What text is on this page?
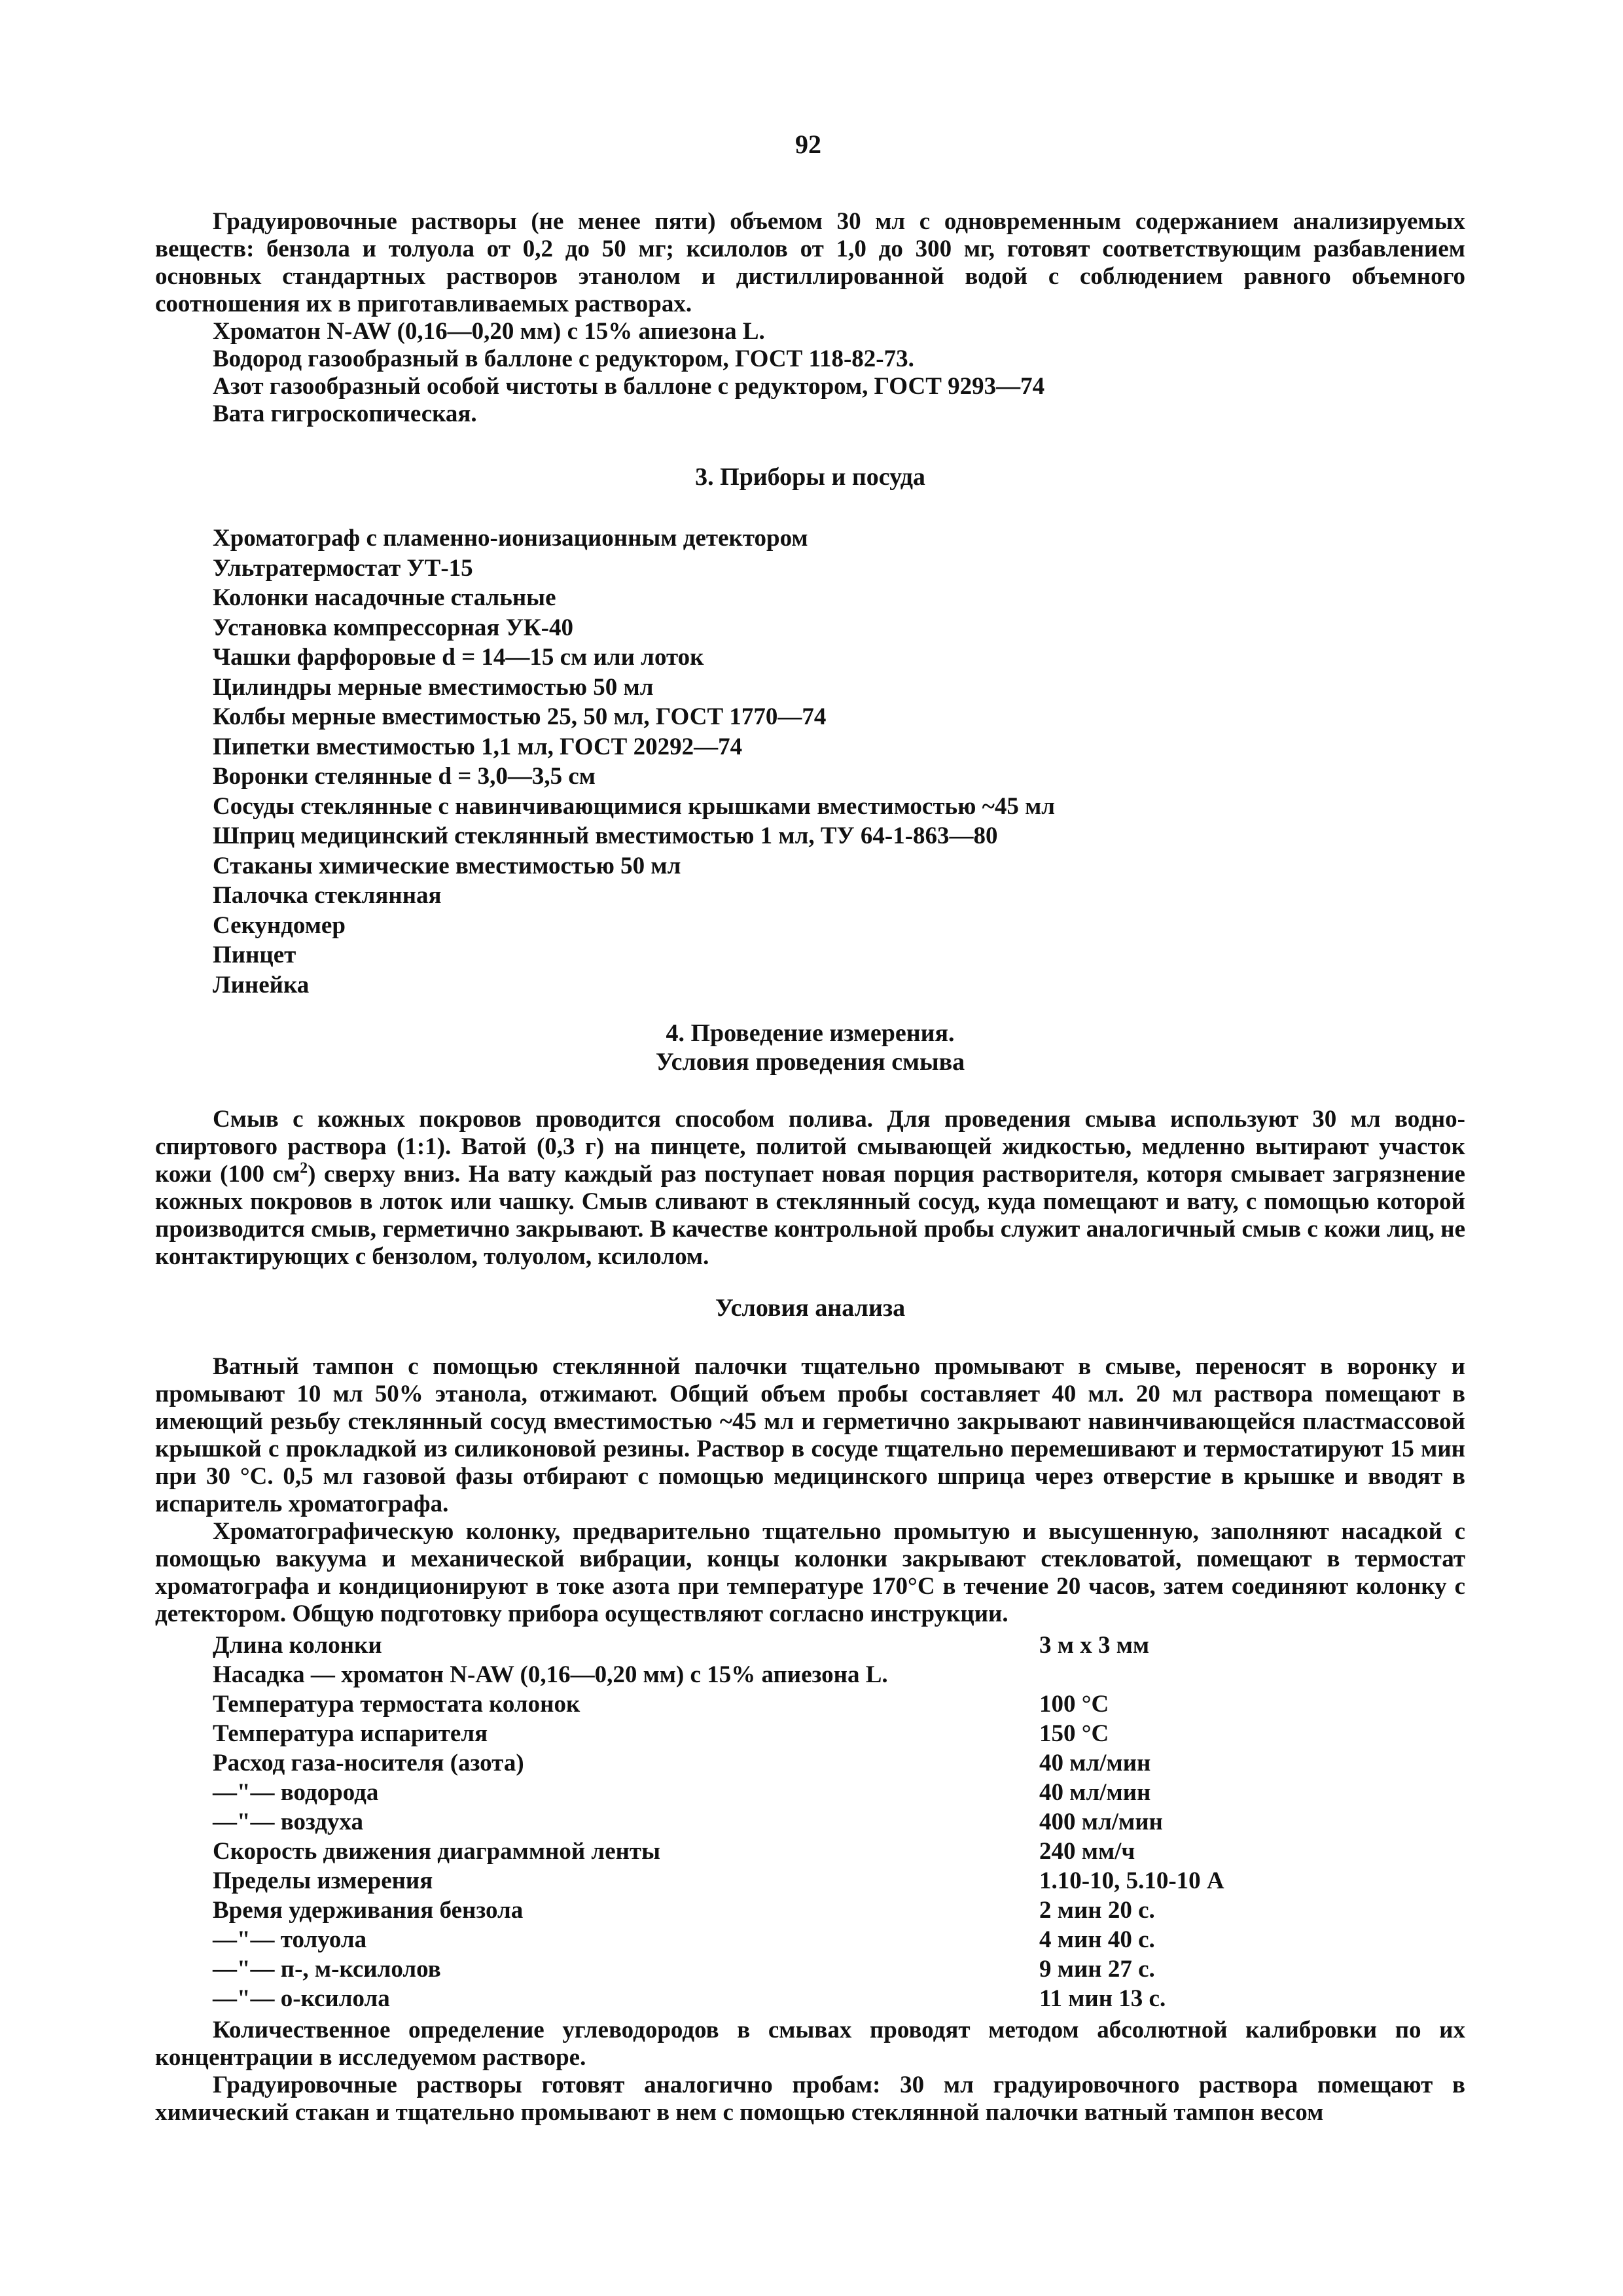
92

Градуировочные растворы (не менее пяти) объемом 30 мл с одновременным содержанием анализируемых веществ: бензола и толуола от 0,2 до 50 мг; ксилолов от 1,0 до 300 мг, готовят соответствующим разбавлением основных стандартных растворов этанолом и дистиллированной водой с соблюдением равного объемного соотношения их в приготавливаемых растворах.

Хроматон N-AW (0,16—0,20 мм) с 15% апиезона L.

Водород газообразный в баллоне с редуктором, ГОСТ 118-82-73.

Азот газообразный особой чистоты в баллоне с редуктором, ГОСТ 9293—74

Вата гигроскопическая.

3. Приборы и посуда

Хроматограф с пламенно-ионизационным детектором

Ультратермостат УТ-15

Колонки насадочные стальные

Установка компрессорная УК-40

Чашки фарфоровые d = 14—15 см или лоток

Цилиндры мерные вместимостью 50 мл

Колбы мерные вместимостью 25, 50 мл, ГОСТ 1770—74

Пипетки вместимостью 1,1 мл, ГОСТ 20292—74

Воронки стелянные d = 3,0—3,5 см

Сосуды стеклянные с навинчивающимися крышками вместимостью ~45 мл

Шприц медицинский стеклянный вместимостью 1 мл, ТУ 64-1-863—80

Стаканы химические вместимостью 50 мл

Палочка стеклянная

Секундомер

Пинцет

Линейка

4. Проведение измерения.
Условия проведения смыва

Смыв с кожных покровов проводится способом полива. Для проведения смыва используют 30 мл водно-спиртового раствора (1:1). Ватой (0,3 г) на пинцете, политой смывающей жидкостью, медленно вытирают участок кожи (100 $см^2$) сверху вниз. На вату каждый раз поступает новая порция растворителя, которя смывает загрязнение кожных покровов в лоток или чашку. Смыв сливают в стеклянный сосуд, куда помещают и вату, с помощью которой производится смыв, герметично закрывают. В качестве контрольной пробы служит аналогичный смыв с кожи лиц, не контактирующих с бензолом, толуолом, ксилолом.

Условия анализа

Ватный тампон с помощью стеклянной палочки тщательно промывают в смыве, переносят в воронку и промывают 10 мл 50% этанола, отжимают. Общий объем пробы составляет 40 мл. 20 мл раствора помещают в имеющий резьбу стеклянный сосуд вместимостью ~45 мл и герметично закрывают навинчивающейся пластмассовой крышкой с прокладкой из силиконовой резины. Раствор в сосуде тщательно перемешивают и термостатируют 15 мин при 30 °С. 0,5 мл газовой фазы отбирают с помощью медицинского шприца через отверстие в крышке и вводят в испаритель хроматографа.

Хроматографическую колонку, предварительно тщательно промытую и высушенную, заполняют насадкой с помощью вакуума и механической вибрации, концы колонки закрывают стекловатой, помещают в термостат хроматографа и кондиционируют в токе азота при температуре 170°С в течение 20 часов, затем соединяют колонку с детектором. Общую подготовку прибора осуществляют согласно инструкции.

Длина колонки	3 м х 3 мм
Насадка — хроматон N-AW (0,16—0,20 мм) с 15% апиезона L.
Температура термостата колонок	100 °С
Температура испарителя	150 °С
Расход газа-носителя (азота)	40 мл/мин
—"— водорода	40 мл/мин
—"— воздуха	400 мл/мин
Скорость движения диаграммной ленты	240 мм/ч
Пределы измерения	1.10-10, 5.10-10 А
Время удерживания бензола	2 мин 20 с.
—"— толуола	4 мин 40 с.
—"— п-, м-ксилолов	9 мин 27 с.
—"— о-ксилола	11 мин 13 с.

Количественное определение углеводородов в смывах проводят методом абсолютной калибровки по их концентрации в исследуемом растворе.

Градуировочные растворы готовят аналогично пробам: 30 мл градуировочного раствора помещают в химический стакан и тщательно промывают в нем с помощью стеклянной палочки ватный тампон весом
